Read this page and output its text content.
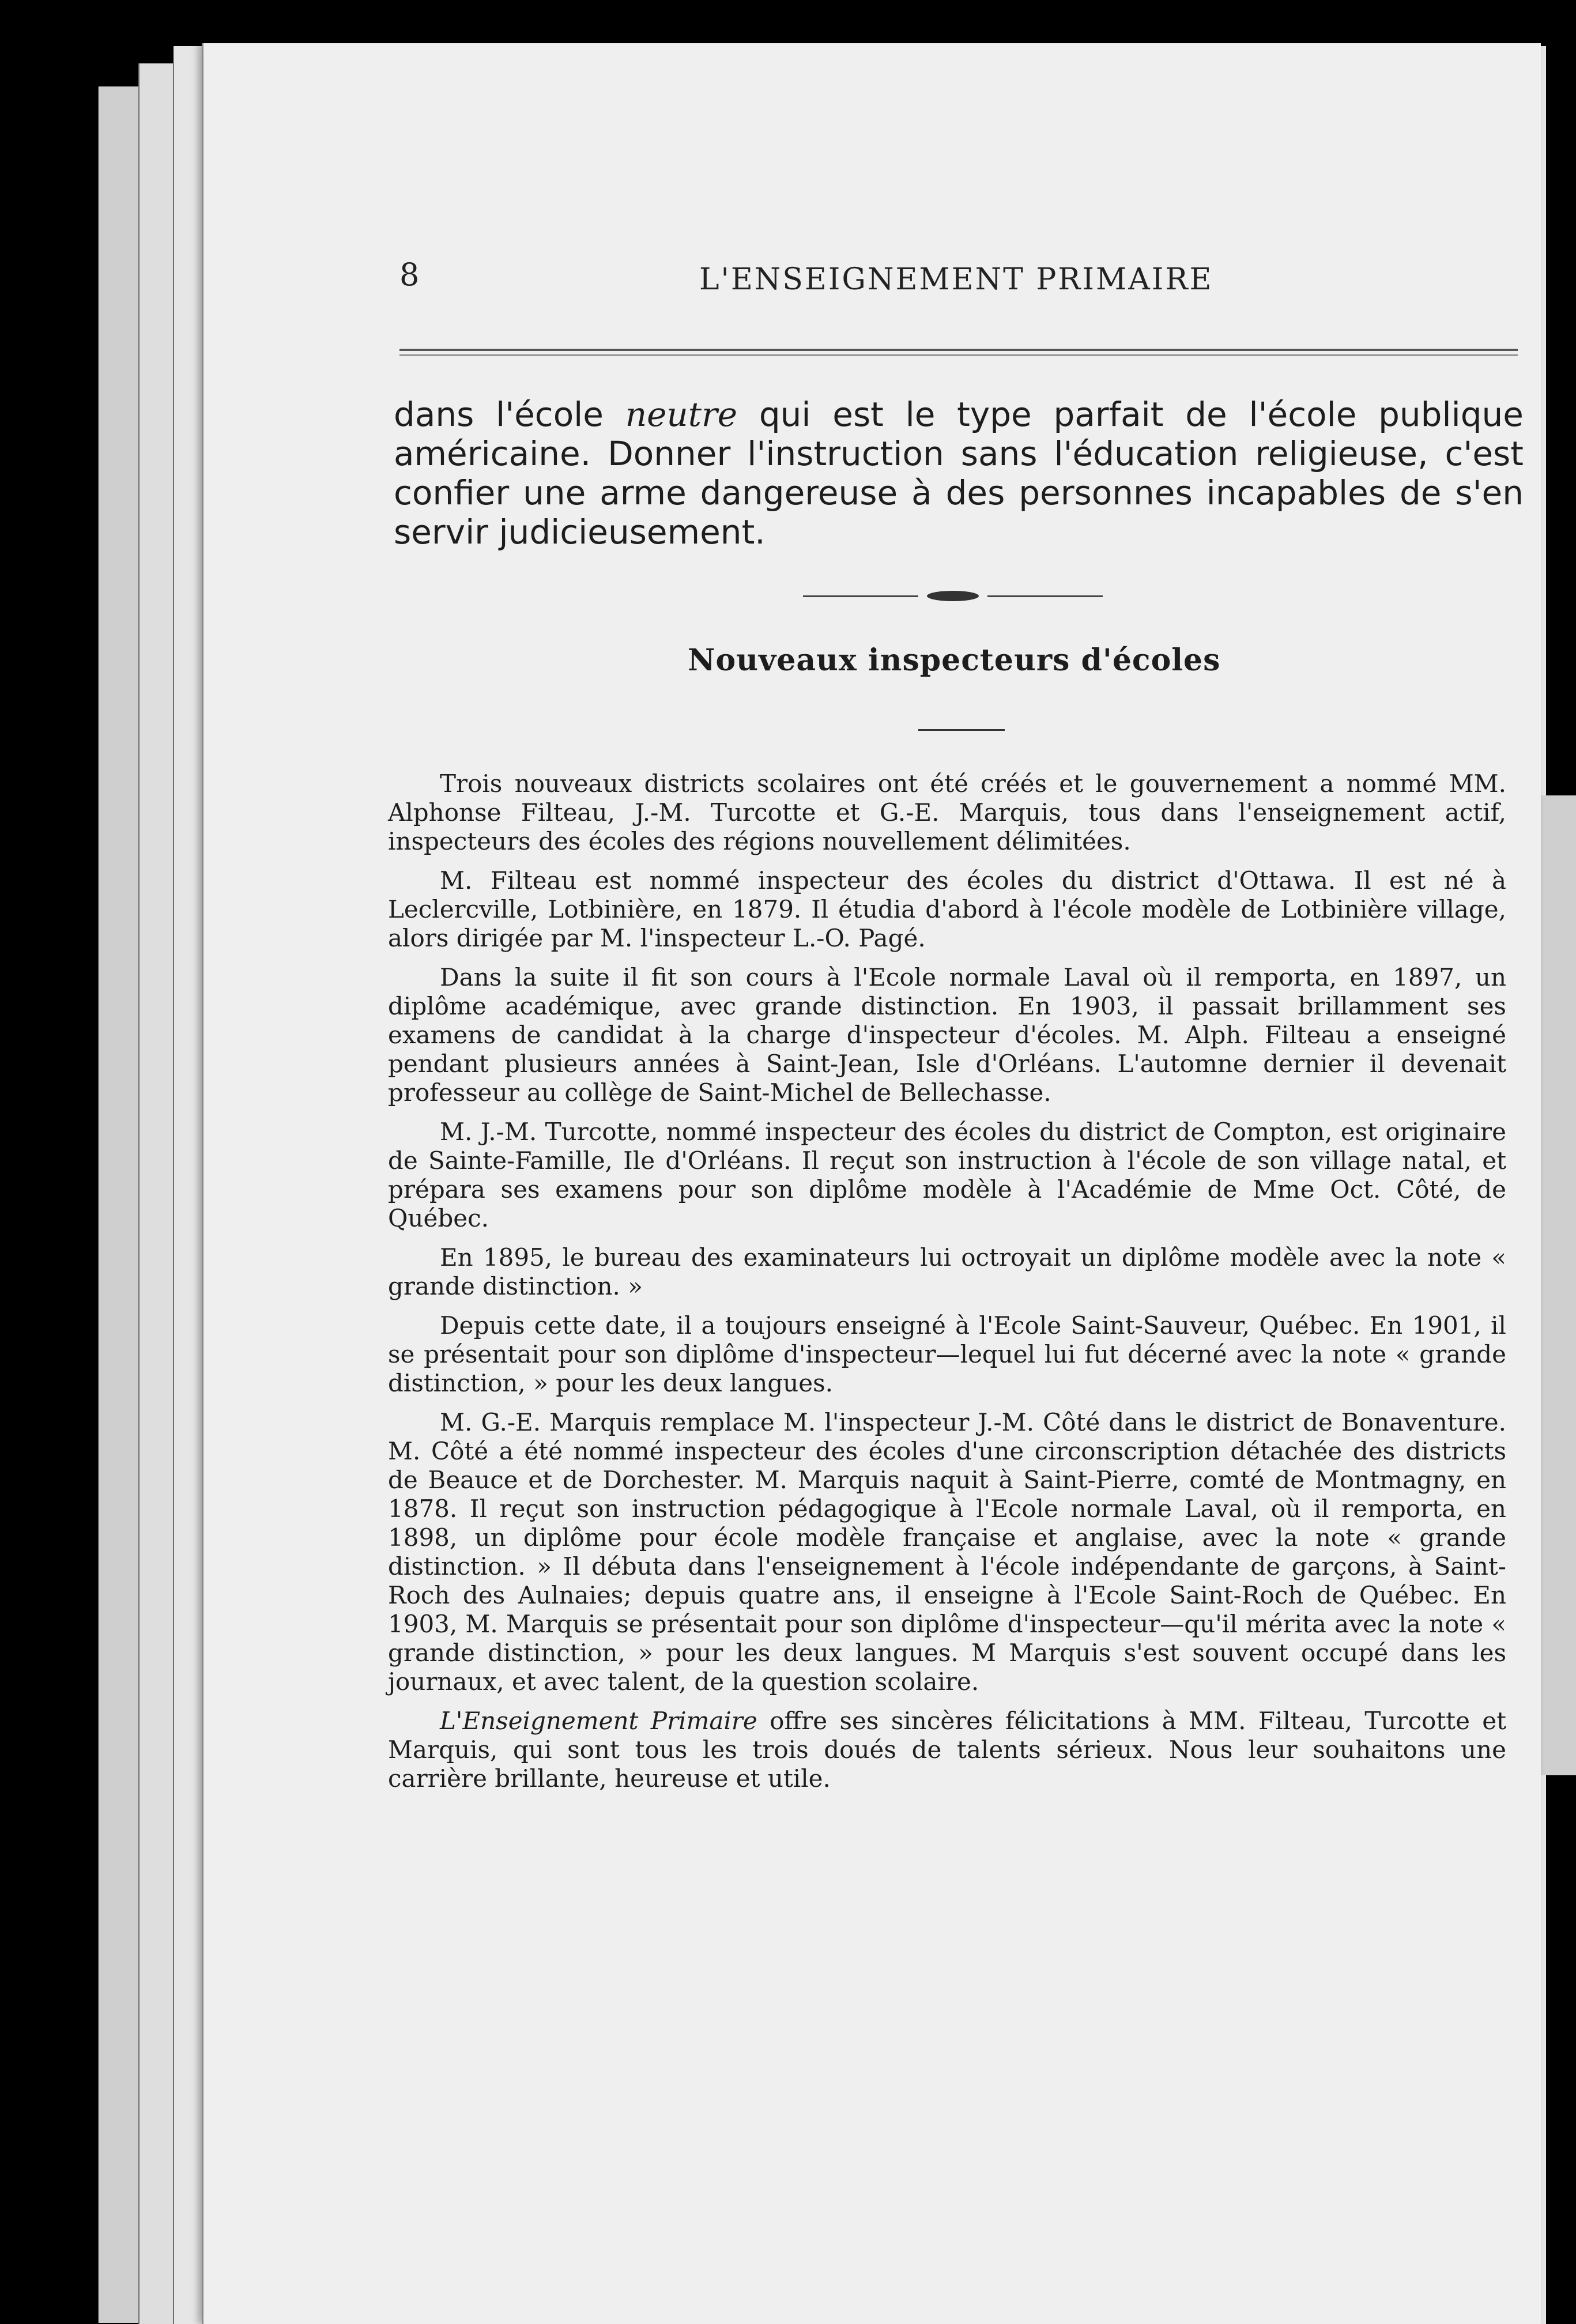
8	L'ENSEIGNEMENT PRIMAIRE
dans l'école neutre qui est le type parfait de l'école publique américaine. Donner l'instruction sans l'éducation religieuse, c'est confier une arme dangereuse à des personnes incapables de s'en servir judicieusement.
Nouveaux inspecteurs d'écoles

Trois nouveaux districts scolaires ont été créés et le gouvernement a nommé MM. Alphonse Filteau, J.-M. Turcotte et G.-E. Marquis, tous dans l'enseignement actif, inspecteurs des écoles des régions nouvellement délimitées.

M. Filteau est nommé inspecteur des écoles du district d'Ottawa. Il est né à Leclercville, Lotbinière, en 1879. Il étudia d'abord à l'école modèle de Lotbinière village, alors dirigée par M. l'inspecteur L.-O. Pagé.

Dans la suite il fit son cours à l'Ecole normale Laval où il remporta, en 1897, un diplôme académique, avec grande distinction. En 1903, il passait brillamment ses examens de candidat à la charge d'inspecteur d'écoles. M. Alph. Filteau a enseigné pendant plusieurs années à Saint-Jean, Isle d'Orléans. L'automne dernier il devenait professeur au collège de Saint-Michel de Bellechasse.

M. J.-M. Turcotte, nommé inspecteur des écoles du district de Compton, est originaire de Sainte-Famille, Ile d'Orléans. Il reçut son instruction à l'école de son village natal, et prépara ses examens pour son diplôme modèle à l'Académie de Mme Oct. Côté, de Québec.

En 1895, le bureau des examinateurs lui octroyait un diplôme modèle avec la note « grande distinction. »

Depuis cette date, il a toujours enseigné à l'Ecole Saint-Sauveur, Québec. En 1901, il se présentait pour son diplôme d'inspecteur—lequel lui fut décerné avec la note « grande distinction, » pour les deux langues.

M. G.-E. Marquis remplace M. l'inspecteur J.-M. Côté dans le district de Bonaventure. M. Côté a été nommé inspecteur des écoles d'une circonscription détachée des districts de Beauce et de Dorchester. M. Marquis naquit à Saint-Pierre, comté de Montmagny, en 1878. Il reçut son instruction pédagogique à l'Ecole normale Laval, où il remporta, en 1898, un diplôme pour école modèle française et anglaise, avec la note « grande distinction. » Il débuta dans l'enseignement à l'école indépendante de garçons, à Saint-Roch des Aulnaies; depuis quatre ans, il enseigne à l'Ecole Saint-Roch de Québec. En 1903, M. Marquis se présentait pour son diplôme d'inspecteur—qu'il mérita avec la note « grande distinction, » pour les deux langues. M Marquis s'est souvent occupé dans les journaux, et avec talent, de la question scolaire.

L'Enseignement Primaire offre ses sincères félicitations à MM. Filteau, Turcotte et Marquis, qui sont tous les trois doués de talents sérieux. Nous leur souhaitons une carrière brillante, heureuse et utile.
